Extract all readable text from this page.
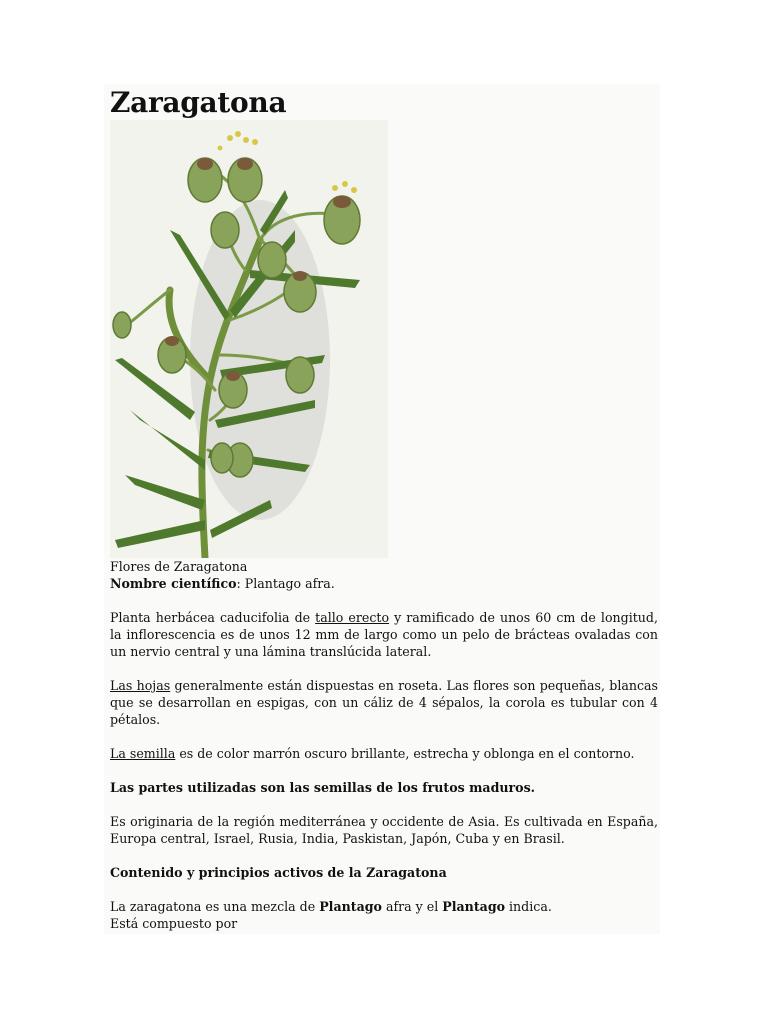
Zaragatona

Flores de Zaragatona

Nombre científico: Plantago afra.

Planta herbácea caducifolia de tallo erecto y ramificado de unos 60 cm de longitud, la inflorescencia es de unos 12 mm de largo como un pelo de brácteas ovaladas con un nervio central y una lámina translúcida lateral.

Las hojas generalmente están dispuestas en roseta. Las flores son pequeñas, blancas que se desarrollan en espigas, con un cáliz de 4 sépalos, la corola es tubular con 4 pétalos.

La semilla es de color marrón oscuro brillante, estrecha y oblonga en el contorno.

Las partes utilizadas son las semillas de los frutos maduros.

Es originaria de la región mediterránea y occidente de Asia. Es cultivada en España, Europa central, Israel, Rusia, India, Paskistan, Japón, Cuba y en Brasil.

Contenido y principios activos de la Zaragatona

La zaragatona es una mezcla de Plantago afra y el Plantago indica.

Está compuesto por
